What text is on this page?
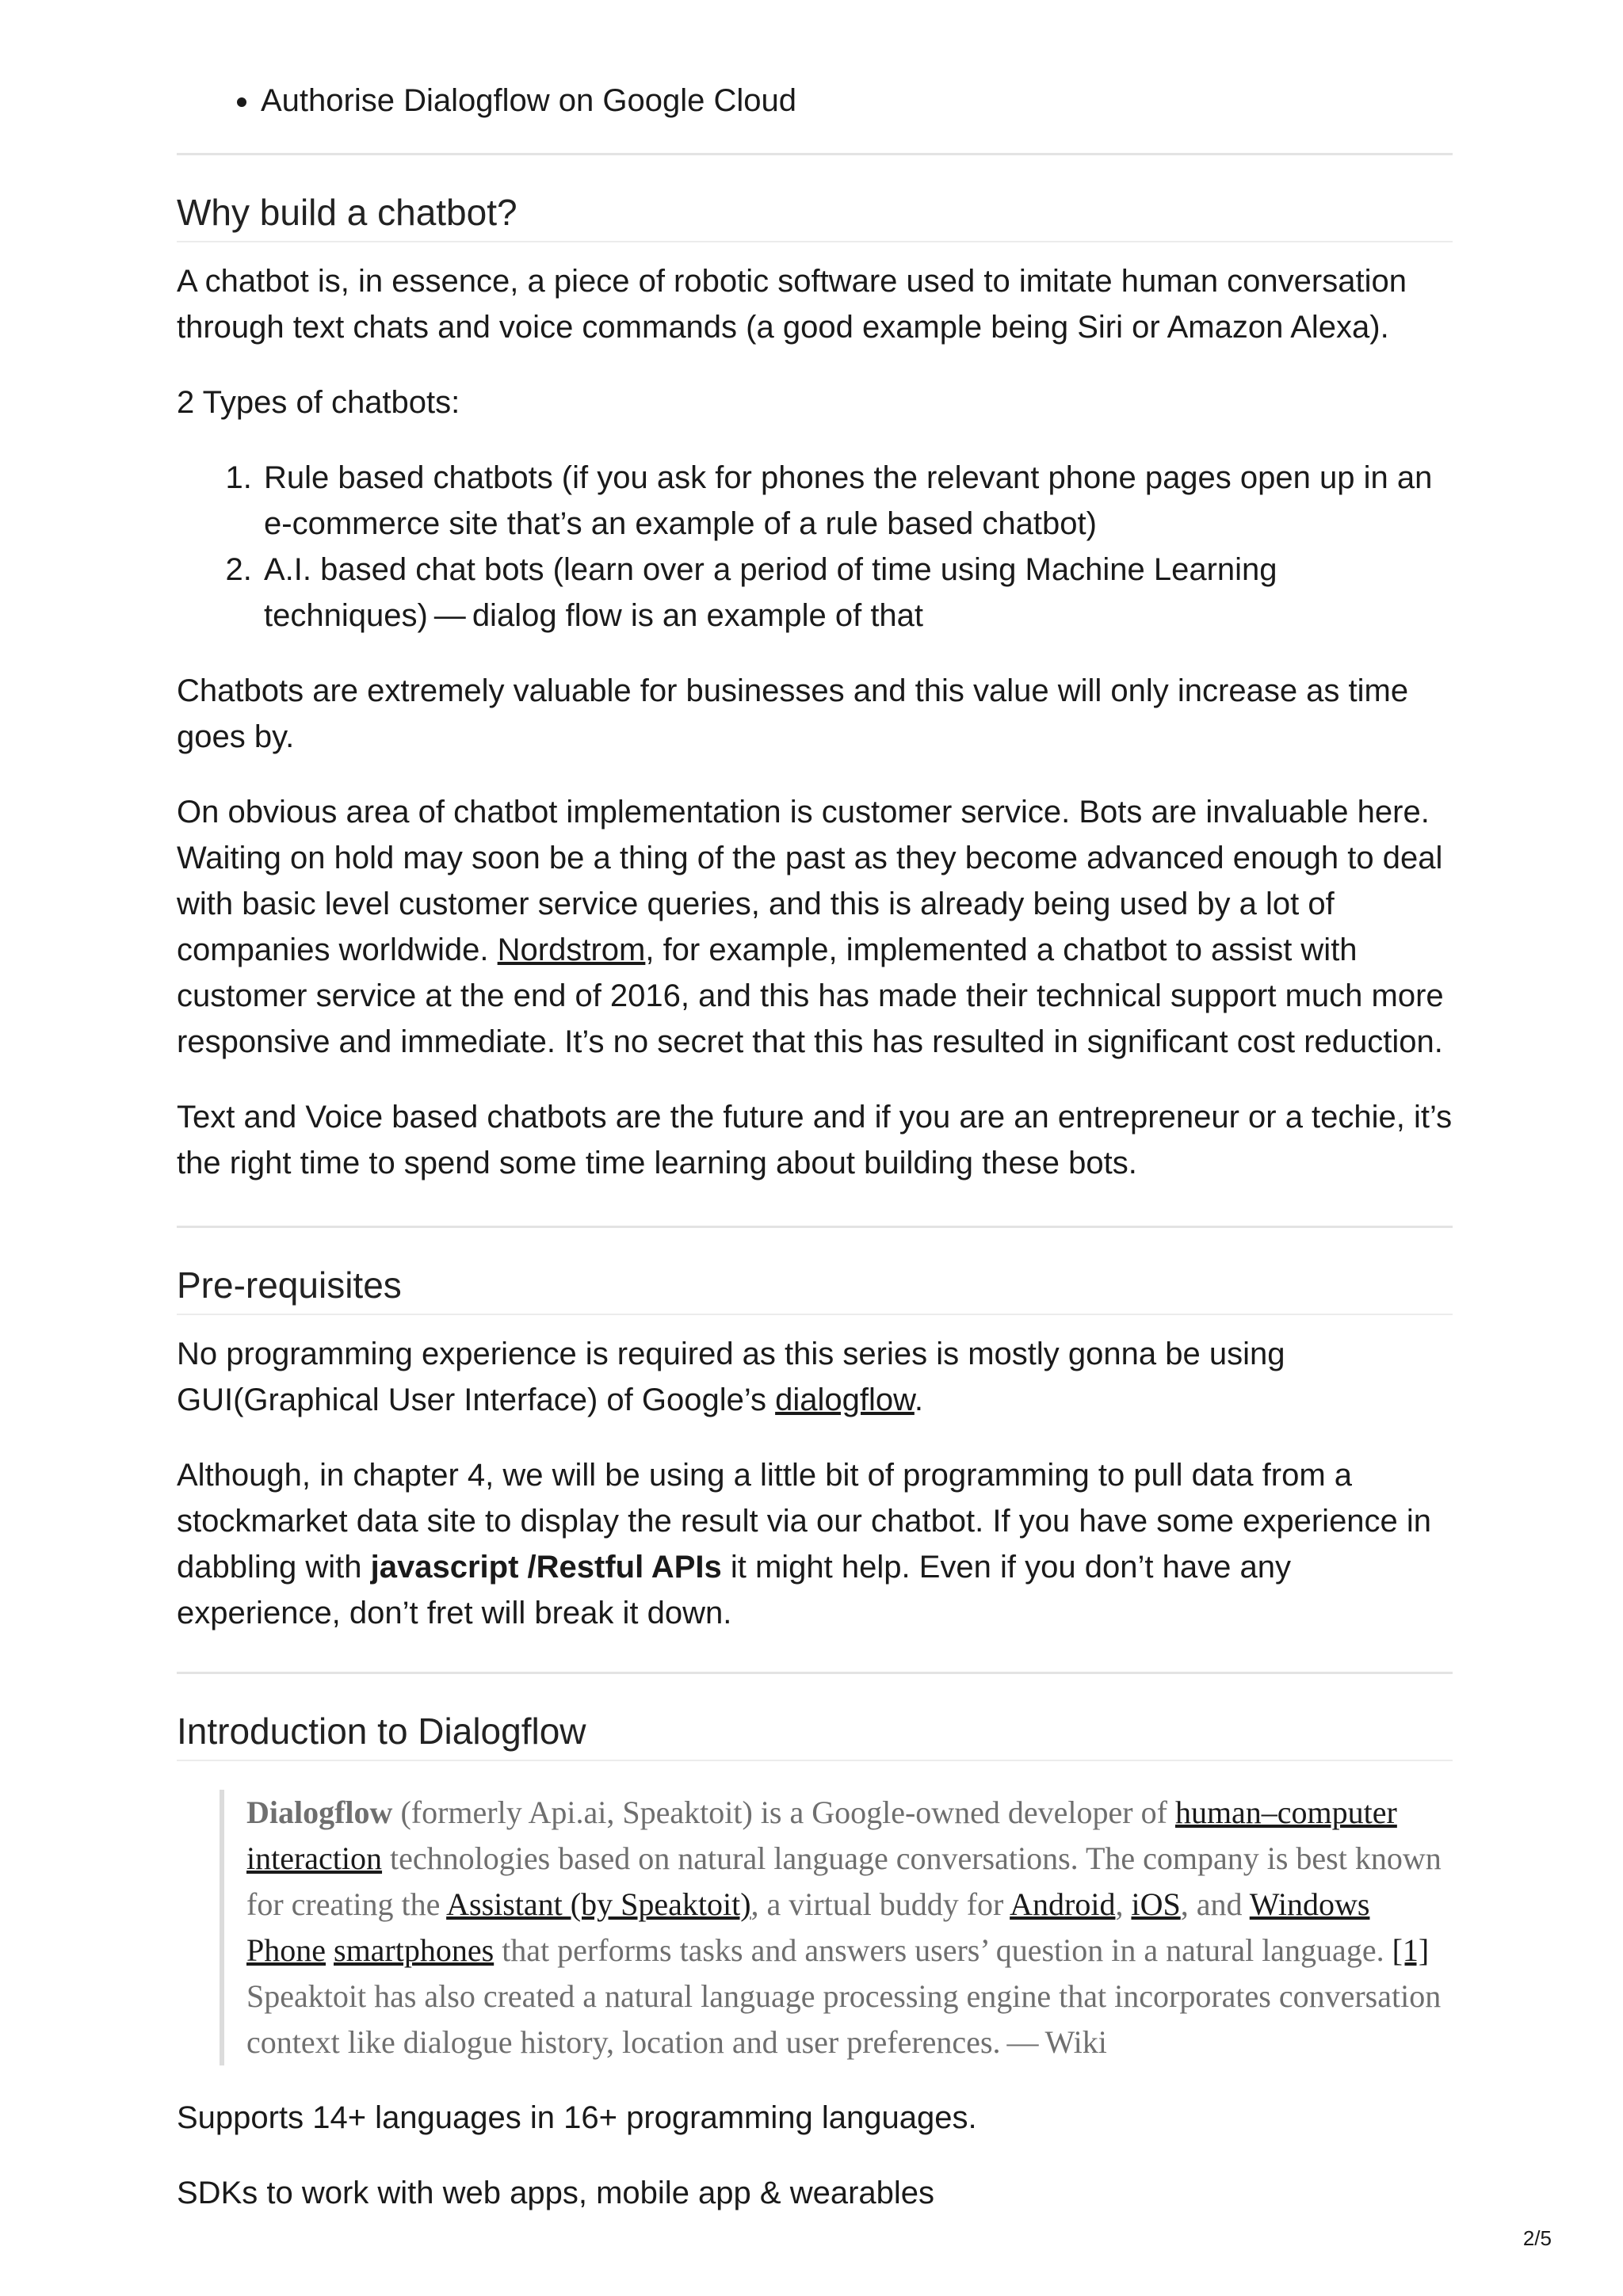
• Authorise Dialogflow on Google Cloud
Why build a chatbot?

A chatbot is, in essence, a piece of robotic software used to imitate human conversation through text chats and voice commands (a good example being Siri or Amazon Alexa).

2 Types of chatbots:

1. Rule based chatbots (if you ask for phones the relevant phone pages open up in an e-commerce site that’s an example of a rule based chatbot)
2. A.I. based chat bots (learn over a period of time using Machine Learning techniques) — dialog flow is an example of that

Chatbots are extremely valuable for businesses and this value will only increase as time goes by.

On obvious area of chatbot implementation is customer service. Bots are invaluable here. Waiting on hold may soon be a thing of the past as they become advanced enough to deal with basic level customer service queries, and this is already being used by a lot of companies worldwide. Nordstrom, for example, implemented a chatbot to assist with customer service at the end of 2016, and this has made their technical support much more responsive and immediate. It’s no secret that this has resulted in significant cost reduction.

Text and Voice based chatbots are the future and if you are an entrepreneur or a techie, it’s the right time to spend some time learning about building these bots.

Pre-requisites

No programming experience is required as this series is mostly gonna be using GUI(Graphical User Interface) of Google’s dialogflow.

Although, in chapter 4, we will be using a little bit of programming to pull data from a stockmarket data site to display the result via our chatbot. If you have some experience in dabbling with javascript /Restful APIs it might help. Even if you don’t have any experience, don’t fret will break it down.

Introduction to Dialogflow
Dialogflow (formerly Api.ai, Speaktoit) is a Google-owned developer of human–computer interaction technologies based on natural language conversations. The company is best known for creating the Assistant (by Speaktoit), a virtual buddy for Android, iOS, and Windows Phone smartphones that performs tasks and answers users’ question in a natural language. [1] Speaktoit has also created a natural language processing engine that incorporates conversation context like dialogue history, location and user preferences. — Wiki

Supports 14+ languages in 16+ programming languages.

SDKs to work with web apps, mobile app & wearables

2/5
